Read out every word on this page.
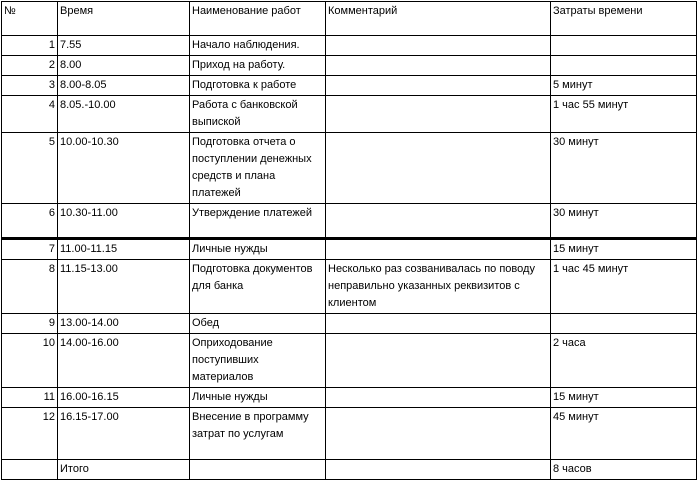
№	Время	Наименование работ	Комментарий	Затраты времени
1	7.55	Начало наблюдения.		
2	8.00	Приход на работу.		
3	8.00-8.05	Подготовка к работе		5 минут
4	8.05.-10.00	Работа с банковской выпиской		1 час 55 минут
5	10.00-10.30	Подготовка отчета о поступлении денежных средств и плана платежей		30 минут
6	10.30-11.00	Утверждение платежей		30 минут
7	11.00-11.15	Личные нужды		15 минут
8	11.15-13.00	Подготовка документов для банка	Несколько раз созванивалась по поводу неправильно указанных реквизитов с клиентом	1 час 45 минут
9	13.00-14.00	Обед		
10	14.00-16.00	Оприходование поступивших материалов		2 часа
11	16.00-16.15	Личные нужды		15 минут
12	16.15-17.00	Внесение в программу затрат по услугам		45 минут
	Итого			8 часов
